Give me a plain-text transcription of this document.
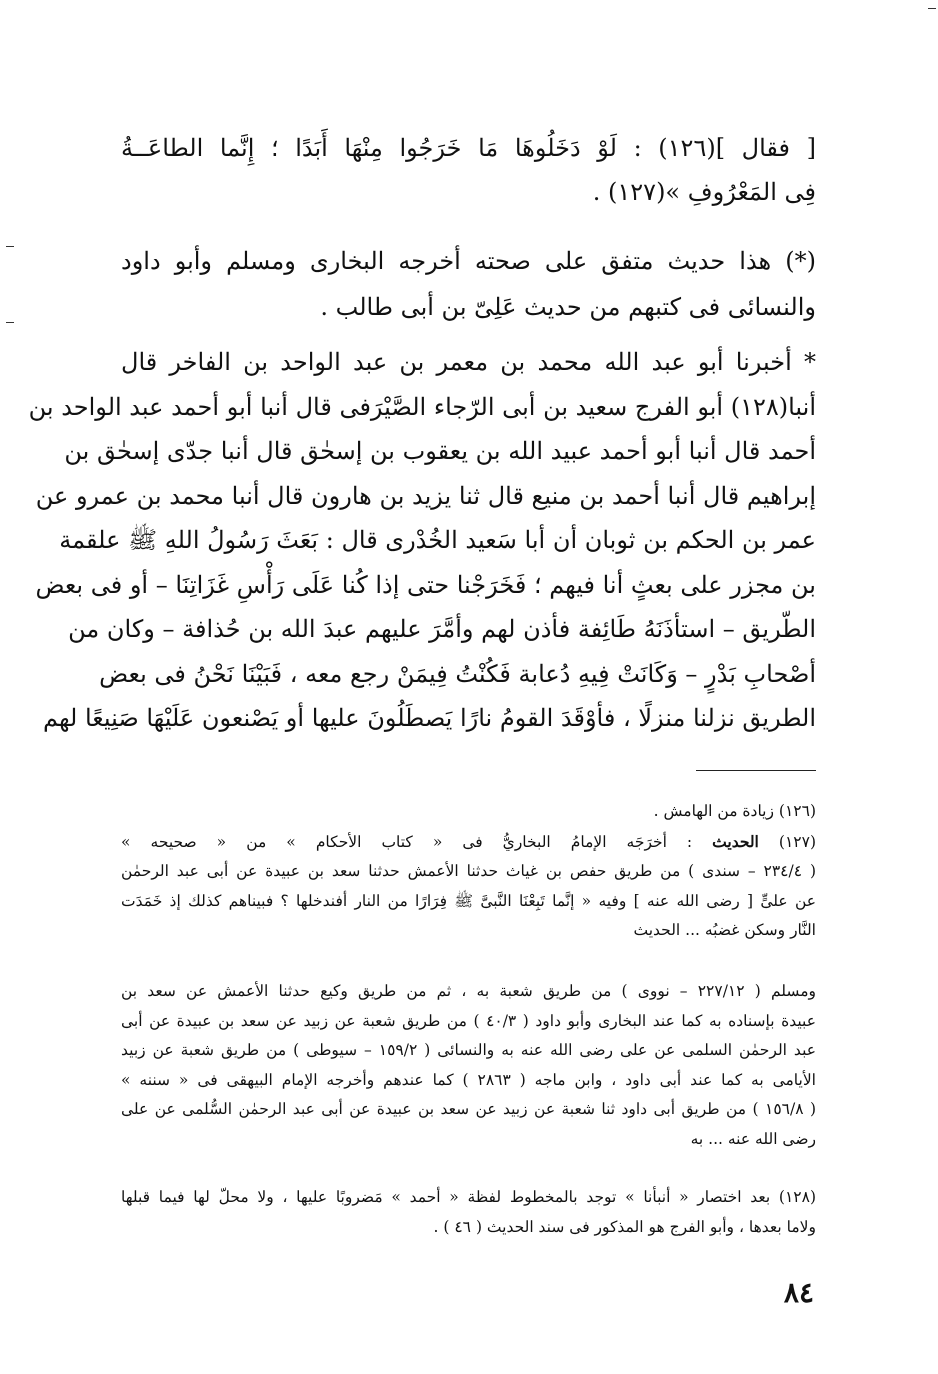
[ فقال ](١٢٦) : لَوْ دَخَلُوهَا مَا خَرَجُوا مِنْهَا أَبَدًا ؛ إِنَّما الطاعَــةُ
فِى المَعْرُوفِ »(١٢٧) .
(*) هذا حديث متفق على صحته أخرجه البخارى ومسلم وأبو داود
والنسائى فى كتبهم من حديث عَلِىّ بن أبى طالب .
* أخبرنا أبو عبد الله محمد بن معمر بن عبد الواحد بن الفاخر قال
أنبا(١٢٨) أبو الفرج سعيد بن أبى الرّجاء الصَّيْرَفى قال أنبا أبو أحمد عبد الواحد بن
أحمد قال أنبا أبو أحمد عبيد الله بن يعقوب بن إسحٰق قال أنبا جدّى إسحٰق بن
إبراهيم قال أنبا أحمد بن منيع قال ثنا يزيد بن هارون قال أنبا محمد بن عمرو عن
عمر بن الحكم بن ثوبان أن أبا سَعيد الخُدْرى قال : بَعَثَ رَسُولُ اللهِ ﷺ علقمة
بن مجزر على بعثٍ أنا فيهم ؛ فَخَرَجْنا حتى إذا كُنا عَلَى رَأْسِ غَزَاتِنَا – أو فى بعض
الطّريق – استأذَنَهُ طَائِفة فأذن لهم وأمَّرَ عليهم عبدَ الله بن حُذافة – وكان من
أصْحابِ بَدْرٍ – وَكَانَتْ فِيهِ دُعابة فَكُنْتُ فِيمَنْ رجع معه ، فَبَيْنَا نَحْنُ فى بعض
الطريق نزلنا منزلًا ، فأوْقَدَ القومُ نارًا يَصطَلُونَ عليها أو يَصْنعون عَلَيْهَا صَنِيعًا لهم
(١٢٦) زيادة من الهامش .
(١٢٧) الحديث : أخرَجَه الإمامُ البخاريُّ فى « كتاب الأحكام » من « صحيحه »
( ٢٣٤/٤ – سندى ) من طريق حفص بن غياث حدثنا الأعمش حدثنا سعد بن عبيدة عن أبى عبد الرحمٰن
عن علىٍّ [ رضى الله عنه ] وفيه « إنَّما تَبِعْنَا النَّبىَّ ﷺ فِرَارًا من النار أفندخلها ؟ فبيناهم كذلك إذ خَمَدَت
النَّار وسكن غضبُه ... الحديث
ومسلم ( ٢٢٧/١٢ – نووى ) من طريق شعبة به ، ثم من طريق وكيع حدثنا الأعمش عن سعد بن
عبيدة بإسناده به كما عند البخارى وأبو داود ( ٤٠/٣ ) من طريق شعبة عن زبيد عن سعد بن عبيدة عن أبى
عبد الرحمٰن السلمى عن على رضى الله عنه به والنسائى ( ١٥٩/٢ – سيوطى ) من طريق شعبة عن زبيد
الأيامى به كما عند أبى داود ، وابن ماجه ( ٢٨٦٣ ) كما عندهم وأخرجه الإمام البيهقى فى « سننه »
( ١٥٦/٨ ) من طريق أبى داود ثنا شعبة عن زبيد عن سعد بن عبيدة عن أبى عبد الرحمٰن السُّلمى عن على
رضى الله عنه ... به
(١٢٨) بعد اختصار « أنبأنا » توجد بالمخطوط لفظة « أحمد » مَضروبًا عليها ، ولا محلّ لها فيما قبلها
ولاما بعدها ، وأبو الفرج هو المذكور فى سند الحديث ( ٤٦ ) .
٨٤
